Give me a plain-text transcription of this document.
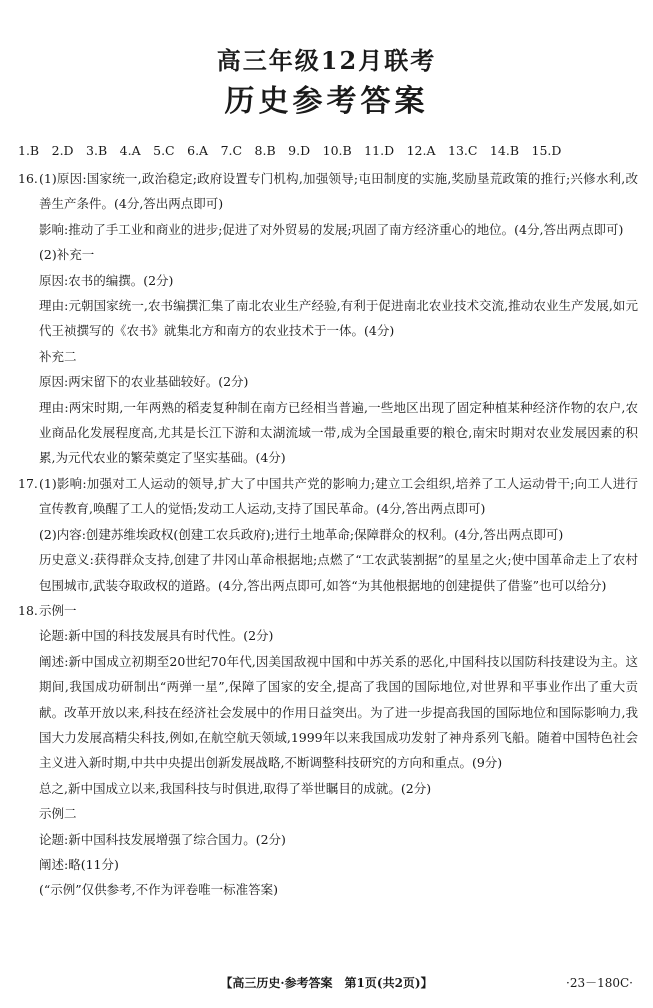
高三年级12月联考
历史参考答案
1.B　2.D　3.B　4.A　5.C　6.A　7.C　8.B　9.D　10.B　11.D　12.A　13.C　14.B　15.D
16. (1)原因:国家统一,政治稳定;政府设置专门机构,加强领导;屯田制度的实施,奖励垦荒政策的推行;兴修水利,改善生产条件。(4分,答出两点即可)

影响:推动了手工业和商业的进步;促进了对外贸易的发展;巩固了南方经济重心的地位。(4分,答出两点即可)

(2)补充一

原因:农书的编撰。(2分)

理由:元朝国家统一,农书编撰汇集了南北农业生产经验,有利于促进南北农业技术交流,推动农业生产发展,如元代王祯撰写的《农书》就集北方和南方的农业技术于一体。(4分)

补充二

原因:两宋留下的农业基础较好。(2分)

理由:两宋时期,一年两熟的稻麦复种制在南方已经相当普遍,一些地区出现了固定种植某种经济作物的农户,农业商品化发展程度高,尤其是长江下游和太湖流域一带,成为全国最重要的粮仓,南宋时期对农业发展因素的积累,为元代农业的繁荣奠定了坚实基础。(4分)

17. (1)影响:加强对工人运动的领导,扩大了中国共产党的影响力;建立工会组织,培养了工人运动骨干;向工人进行宣传教育,唤醒了工人的觉悟;发动工人运动,支持了国民革命。(4分,答出两点即可)

(2)内容:创建苏维埃政权(创建工农兵政府);进行土地革命;保障群众的权利。(4分,答出两点即可)

历史意义:获得群众支持,创建了井冈山革命根据地;点燃了“工农武装割据”的星星之火;使中国革命走上了农村包围城市,武装夺取政权的道路。(4分,答出两点即可,如答“为其他根据地的创建提供了借鉴”也可以给分)

18. 示例一

论题:新中国的科技发展具有时代性。(2分)

阐述:新中国成立初期至20世纪70年代,因美国敌视中国和中苏关系的恶化,中国科技以国防科技建设为主。这期间,我国成功研制出“两弹一星”,保障了国家的安全,提高了我国的国际地位,对世界和平事业作出了重大贡献。改革开放以来,科技在经济社会发展中的作用日益突出。为了进一步提高我国的国际地位和国际影响力,我国大力发展高精尖科技,例如,在航空航天领域,1999年以来我国成功发射了神舟系列飞船。随着中国特色社会主义进入新时期,中共中央提出创新发展战略,不断调整科技研究的方向和重点。(9分)

总之,新中国成立以来,我国科技与时俱进,取得了举世瞩目的成就。(2分)

示例二

论题:新中国科技发展增强了综合国力。(2分)

阐述:略(11分)

(“示例”仅供参考,不作为评卷唯一标准答案)

【高三历史·参考答案　第1页(共2页)】	·23－180C·
